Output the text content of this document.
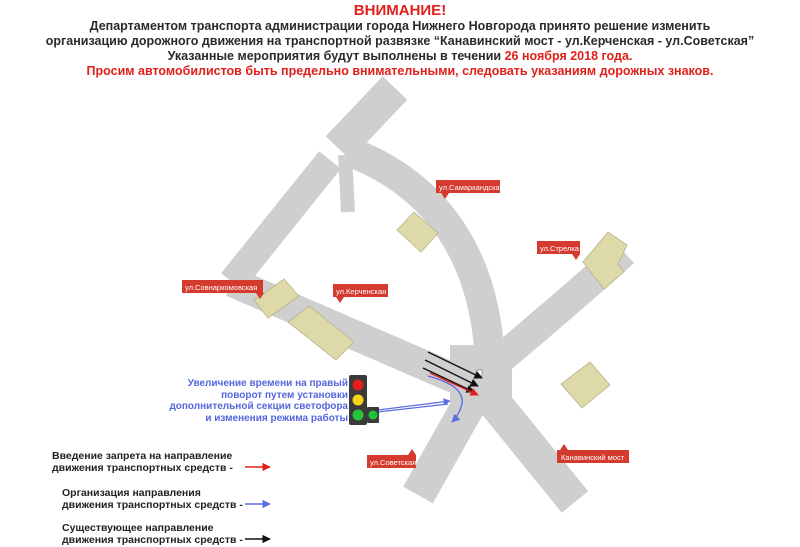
ВНИМАНИЕ!
Департаментом транспорта администрации города Нижнего Новгорода принято решение изменить
организацию дорожного движения на транспортной развязке “Канавинский мост - ул.Керченская - ул.Советская”
Указанные мероприятия будут выполнены в течении 26 ноября 2018 года.
Просим автомобилистов быть предельно внимательными, следовать указаниям дорожных знаков.
ул.Самаркандская
ул.Стрелка
ул.Совнаркомовская	ул.Керченская
ул.Советская
Канавинский мост
Увеличение времени на правый
поворот путем установки
дополнительной секции светофора
и изменения режима работы
Введение запрета на направление
движения транспортных средств -
Организация направления
движения транспортных средств -
Существующее направление
движения транспортных средств -
